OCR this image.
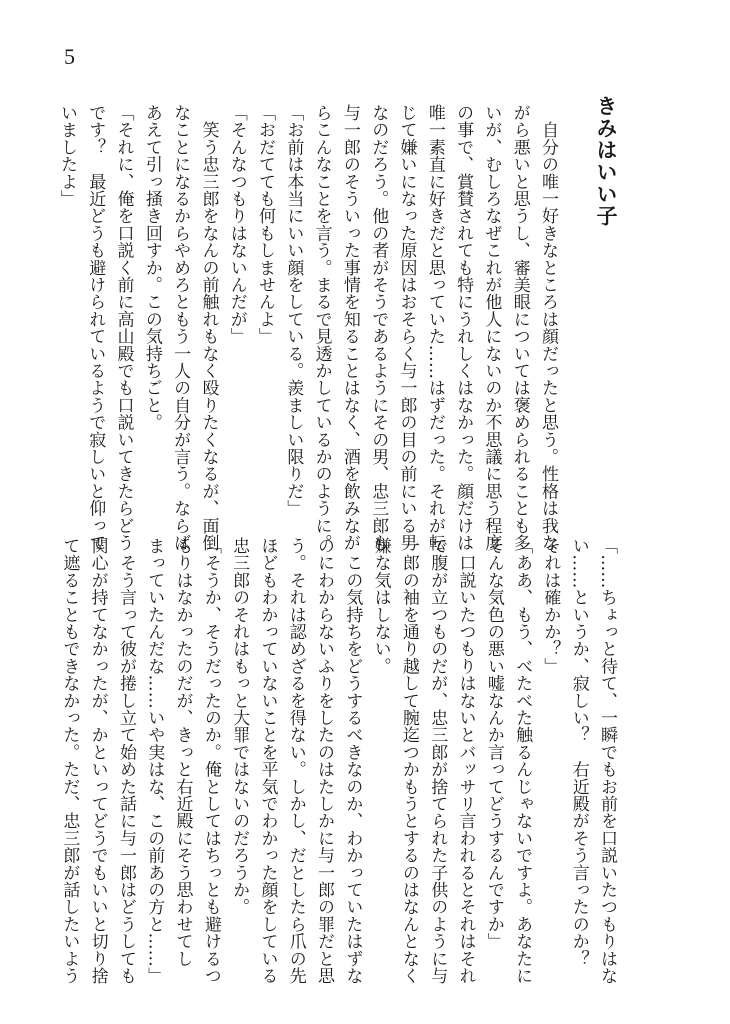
5
きみはいい子
　自分の唯一好きなところは顔だったと思う。性格は我な
がら悪いと思うし、審美眼については褒められることも多
いが、むしろなぜこれが他人にないのか不思議に思う程度
の事で、賞賛されても特にうれしくはなかった。顔だけは
唯一素直に好きだと思っていた……はずだった。それが転
じて嫌いになった原因はおそらく与一郎の目の前にいる男
なのだろう。他の者がそうであるようにその男、忠三郎も
与一郎のそういった事情を知ることはなく、酒を飲みなが
らこんなことを言う。まるで見透かしているかのように。
「お前は本当にいい顔をしている。羨ましい限りだ」
「おだてても何もしませんよ」
「そんなつもりはないんだが」
　笑う忠三郎をなんの前触れもなく殴りたくなるが、面倒
なことになるからやめろともう一人の自分が言う。ならば
あえて引っ掻き回すか。この気持ちごと。
「それに、俺を口説く前に高山殿でも口説いてきたらどう
です？　最近どうも避けられているようで寂しいと仰って
いましたよ」
「……ちょっと待て、一瞬でもお前を口説いたつもりはな
い……というか、寂しい？　右近殿がそう言ったのか？
それは確かか？」
「ああ、もう、べたべた触るんじゃないですよ。あなたに
そんな気色の悪い嘘なんか言ってどうするんですか」
　口説いたつもりはないとバッサリ言われるとそれはそれ
で腹が立つものだが、忠三郎が捨てられた子供のように与
一郎の袖を通り越して腕迄つかもうとするのはなんとなく
嫌な気はしない。
　この気持ちをどうするべきなのか、わかっていたはずな
のにわからないふりをしたのはたしかに与一郎の罪だと思
う。それは認めざるを得ない。しかし、だとしたら爪の先
ほどもわかっていないことを平気でわかった顔をしている
忠三郎のそれはもっと大罪ではないのだろうか。
「そうか、そうだったのか。俺としてはちっとも避けるつ
もりはなかったのだが、きっと右近殿にそう思わせてし
まっていたんだな……いや実はな、この前あの方と……」
　そう言って彼が捲し立て始めた話に与一郎はどうしても
関心が持てなかったが、かといってどうでもいいと切り捨
て遮ることもできなかった。ただ、忠三郎が話したいよう
